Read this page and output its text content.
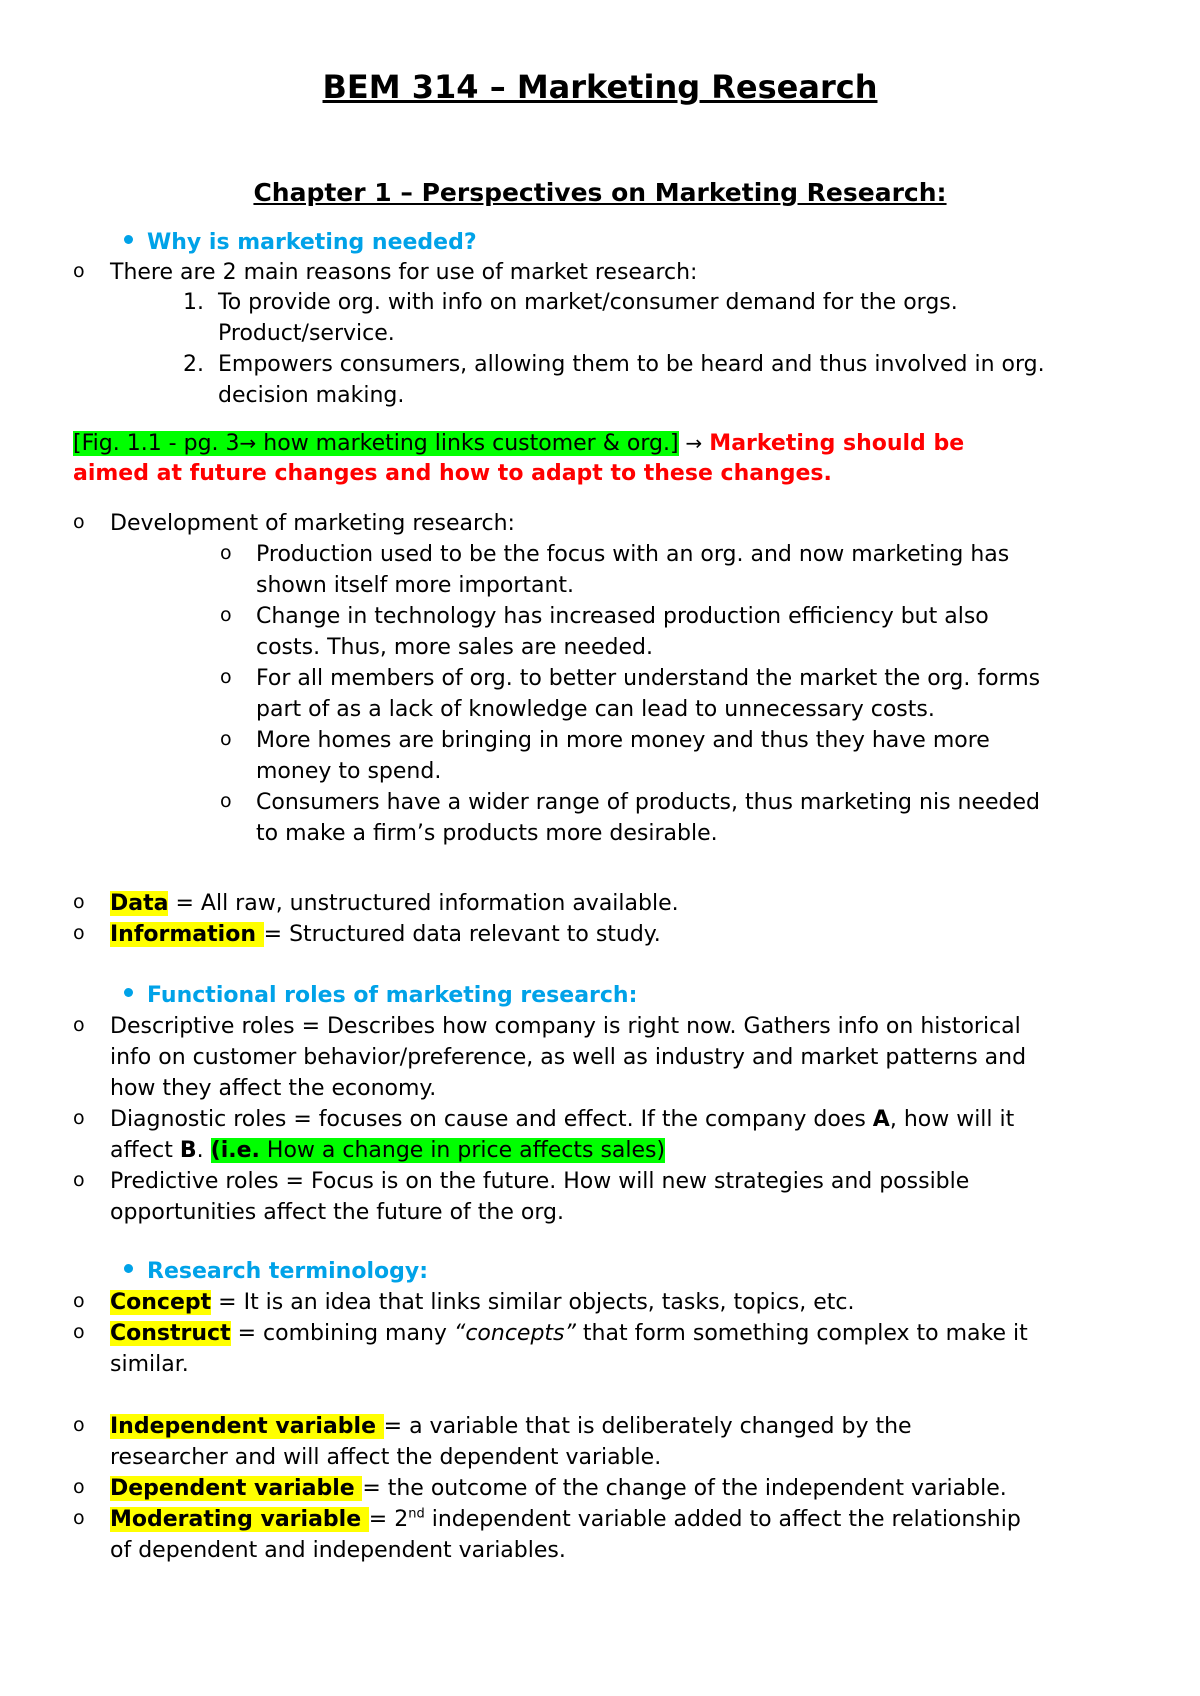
BEM 314 – Marketing Research
Chapter 1 – Perspectives on Marketing Research:
Why is marketing needed?
o There are 2 main reasons for use of market research:
1. To provide org. with info on market/consumer demand for the orgs.
Product/service.
2. Empowers consumers, allowing them to be heard and thus involved in org.
decision making.
[Fig. 1.1 - pg. 3→ how marketing links customer & org.] → Marketing should be
aimed at future changes and how to adapt to these changes.
o Development of marketing research:
o Production used to be the focus with an org. and now marketing has
shown itself more important.
o Change in technology has increased production efficiency but also
costs. Thus, more sales are needed.
o For all members of org. to better understand the market the org. forms
part of as a lack of knowledge can lead to unnecessary costs.
o More homes are bringing in more money and thus they have more
money to spend.
o Consumers have a wider range of products, thus marketing nis needed
to make a firm’s products more desirable.
o Data = All raw, unstructured information available.
o Information = Structured data relevant to study.
Functional roles of marketing research:
o Descriptive roles = Describes how company is right now. Gathers info on historical
info on customer behavior/preference, as well as industry and market patterns and
how they affect the economy.
o Diagnostic roles = focuses on cause and effect. If the company does A, how will it
affect B. (i.e. How a change in price affects sales)
o Predictive roles = Focus is on the future. How will new strategies and possible
opportunities affect the future of the org.
Research terminology:
o Concept = It is an idea that links similar objects, tasks, topics, etc.
o Construct = combining many “concepts” that form something complex to make it
similar.
o Independent variable = a variable that is deliberately changed by the
researcher and will affect the dependent variable.
o Dependent variable = the outcome of the change of the independent variable.
o Moderating variable = 2nd independent variable added to affect the relationship
of dependent and independent variables.
